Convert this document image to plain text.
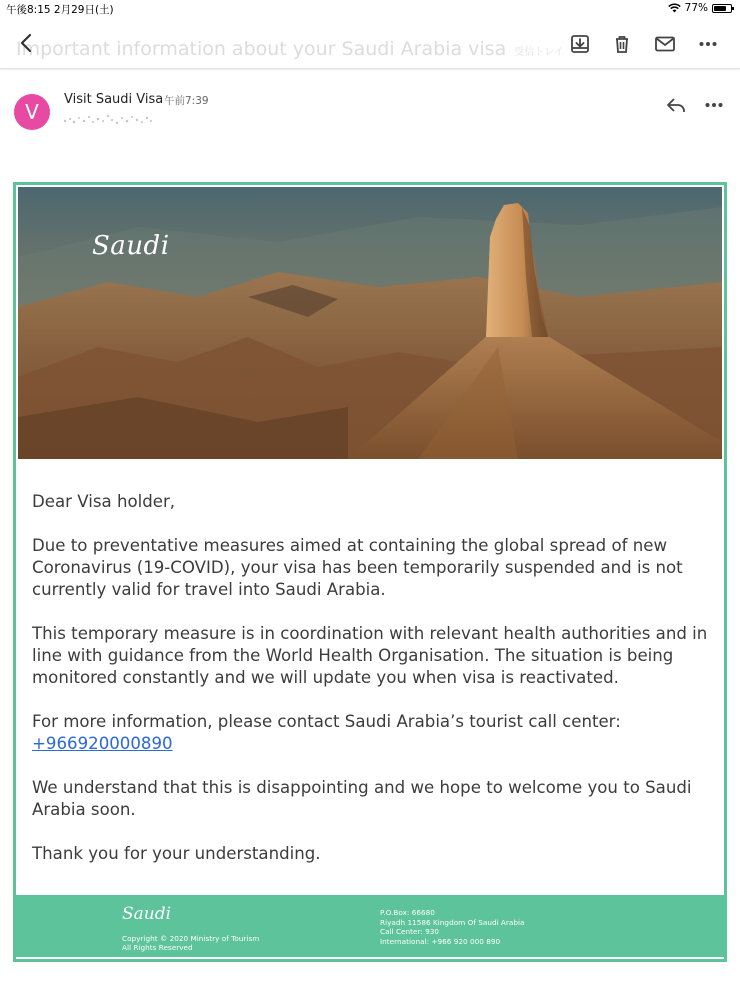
午後8:15 2月29日(土)	77%
Important information about your Saudi Arabia visa 受信トレイ
V
Visit Saudi Visa 午前7:39
Saudi

Dear Visa holder,

Due to preventative measures aimed at containing the global spread of new Coronavirus (19-COVID), your visa has been temporarily suspended and is not currently valid for travel into Saudi Arabia.

This temporary measure is in coordination with relevant health authorities and in line with guidance from the World Health Organisation. The situation is being monitored constantly and we will update you when visa is reactivated.

For more information, please contact Saudi Arabia’s tourist call center:
+966920000890

We understand that this is disappointing and we hope to welcome you to Saudi Arabia soon.

Thank you for your understanding.

Saudi
Copyright © 2020 Ministry of Tourism
All Rights Reserved
P.O.Box: 66680
Riyadh 11586 Kingdom Of Saudi Arabia
Call Center: 930
International: +966 920 000 890
